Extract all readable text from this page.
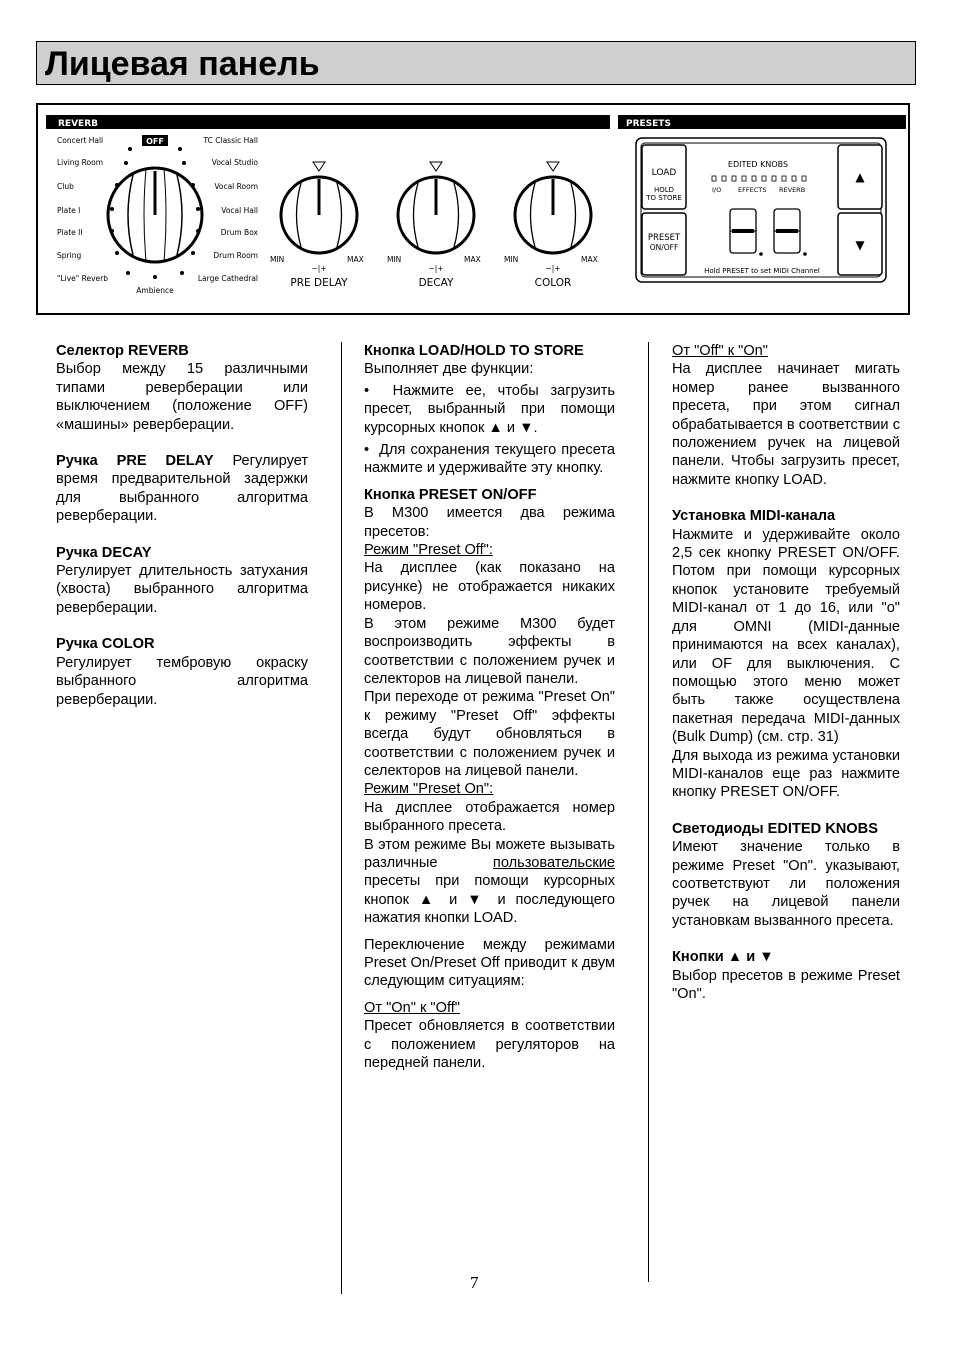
Лицевая панель
REVERB	PRESETS
Concert Hall
Living Room
Club
Plate I
Plate II
Spring
"Live" Reverb
TC Classic Hall
Vocal Studio
Vocal Room
Vocal Hall
Drum Box
Drum Room
Large Cathedral
Ambience
OFF
MIN	MAX
−|+
PRE DELAY
MIN	MAX
−|+
DECAY
MIN	MAX
−|+
COLOR
LOAD
HOLD
TO STORE
PRESET
ON/OFF
EDITED KNOBS
I/O	EFFECTS REVERB
Hold PRESET to set MIDI Channel
▲
▼

Селектор REVERB

Выбор между 15 различными типами реверберации или выключением (положение OFF) «машины» реверберации.

Ручка PRE DELAY Регулирует время предварительной задержки для выбранного алгоритма реверберации.

Ручка DECAY

Регулирует длительность затухания (хвоста) выбранного алгоритма реверберации.

Ручка COLOR

Регулирует тембровую окраску выбранного алгоритма реверберации.

Кнопка LOAD/HOLD TO STORE

Выполняет две функции:

•  Нажмите ее, чтобы загрузить пресет, выбранный при помощи курсорных кнопок ▲ и ▼.

•  Для сохранения текущего пресета нажмите и удерживайте эту кнопку.

Кнопка PRESET ON/OFF

В М300 имеется два режима пресетов:

Режим "Preset Off":

На дисплее (как показано на рисунке) не отображается никаких номеров.

В этом режиме М300 будет воспроизводить эффекты в соответствии с положением ручек и селекторов на лицевой панели.

При переходе от режима "Preset On" к режиму "Preset Off" эффекты всегда будут обновляться в соответствии с положением ручек и селекторов на лицевой панели.

Режим "Preset On":

На дисплее отображается номер выбранного пресета.

В этом режиме Вы можете вызывать различные	пользовательские пресеты при помощи курсорных кнопок ▲ и ▼ и последующего нажатия кнопки LOAD.

Переключение между режимами Preset On/Preset Off приводит к двум следующим ситуациям:

От "On" к "Off"

Пресет обновляется в соответствии с положением регуляторов на передней панели.

От "Off" к "On"

На дисплее начинает мигать номер ранее вызванного пресета, при этом сигнал обрабатывается в соответствии с положением ручек на лицевой панели. Чтобы загрузить пресет, нажмите кнопку LOAD.

Установка MIDI-канала

Нажмите и удерживайте около 2,5 сек кнопку PRESET ON/OFF. Потом при помощи курсорных кнопок установите требуемый MIDI-канал от 1 до 16, или "o" для OMNI (MIDI-данные принимаются на всех каналах), или OF для выключения. С помощью этого меню может быть также осуществлена пакетная передача MIDI-данных (Bulk Dump) (см. стр. 31)

Для выхода из режима установки MIDI-каналов еще раз нажмите кнопку PRESET ON/OFF.

Светодиоды EDITED KNOBS

Имеют значение только в режиме Preset "On". указывают, соответствуют ли положения ручек на лицевой панели установкам вызванного пресета.

Кнопки ▲ и ▼

Выбор пресетов в режиме Preset "On".

7
